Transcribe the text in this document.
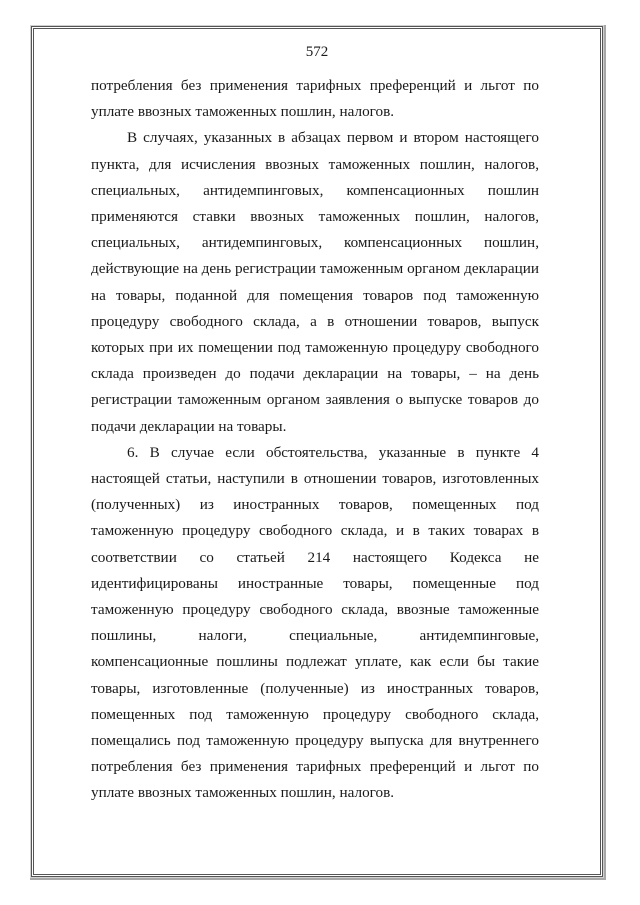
572

потребления без применения тарифных преференций и льгот по уплате ввозных таможенных пошлин, налогов.

В случаях, указанных в абзацах первом и втором настоящего пункта, для исчисления ввозных таможенных пошлин, налогов, специальных, антидемпинговых, компенсационных пошлин применяются ставки ввозных таможенных пошлин, налогов, специальных, антидемпинговых, компенсационных пошлин, действующие на день регистрации таможенным органом декларации на товары, поданной для помещения товаров под таможенную процедуру свободного склада, а в отношении товаров, выпуск которых при их помещении под таможенную процедуру свободного склада произведен до подачи декларации на товары, – на день регистрации таможенным органом заявления о выпуске товаров до подачи декларации на товары.

6. В случае если обстоятельства, указанные в пункте 4 настоящей статьи, наступили в отношении товаров, изготовленных (полученных) из иностранных товаров, помещенных под таможенную процедуру свободного склада, и в таких товарах в соответствии со статьей 214 настоящего Кодекса не идентифицированы иностранные товары, помещенные под таможенную процедуру свободного склада, ввозные таможенные пошлины, налоги, специальные, антидемпинговые, компенсационные пошлины подлежат уплате, как если бы такие товары, изготовленные (полученные) из иностранных товаров, помещенных под таможенную процедуру свободного склада, помещались под таможенную процедуру выпуска для внутреннего потребления без применения тарифных преференций и льгот по уплате ввозных таможенных пошлин, налогов.
